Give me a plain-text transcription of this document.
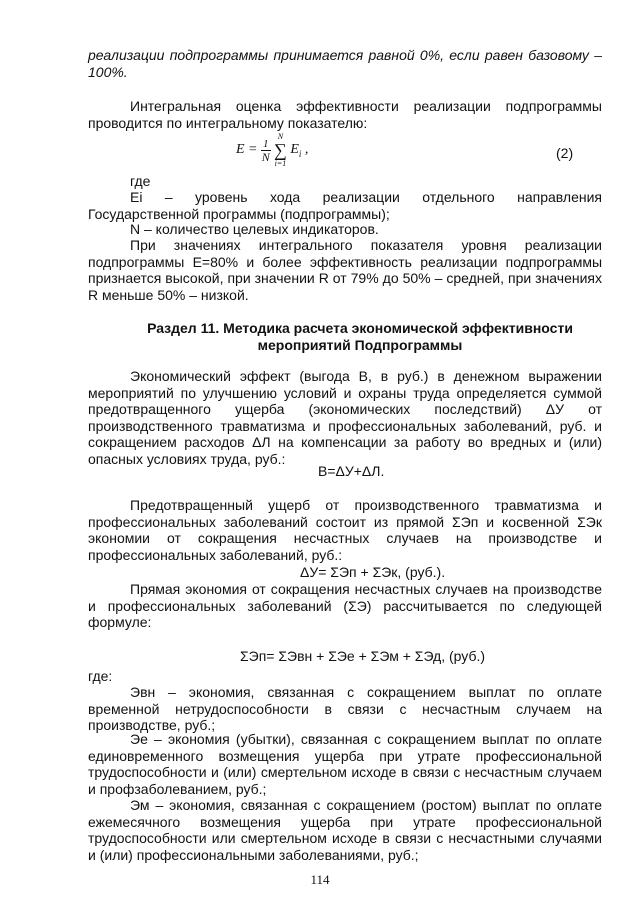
реализации подпрограммы принимается равной 0%, если равен базовому – 100%.
Интегральная оценка эффективности реализации подпрограммы проводится по интегральному показателю:
$E = \frac{1}{N}$

N
∑
i=1
$E_i$ ,	(2)
где
Ei – уровень хода реализации отдельного направления Государственной программы (подпрограммы);
N – количество целевых индикаторов.
При значениях интегрального показателя уровня реализации подпрограммы E=80% и более эффективность реализации подпрограммы признается высокой, при значении R от 79% до 50% – средней, при значениях R меньше 50% – низкой.
Раздел 11. Методика расчета экономической эффективности мероприятий Подпрограммы
Экономический эффект (выгода В, в руб.) в денежном выражении мероприятий по улучшению условий и охраны труда определяется суммой предотвращенного ущерба (экономических последствий) ΔУ от производственного травматизма и профессиональных заболеваний, руб. и сокращением расходов ΔЛ на компенсации за работу во вредных и (или) опасных условиях труда, руб.:
B=ΔУ+ΔЛ.
Предотвращенный ущерб от производственного травматизма и профессиональных заболеваний состоит из прямой ΣЭп и косвенной ΣЭк экономии от сокращения несчастных случаев на производстве и профессиональных заболеваний, руб.:
ΔУ= ΣЭп + ΣЭк, (руб.).
Прямая экономия от сокращения несчастных случаев на производстве и профессиональных заболеваний (ΣЭ) рассчитывается по следующей формуле:
ΣЭп= ΣЭвн + ΣЭе + ΣЭм + ΣЭд, (руб.)
где:
Эвн – экономия, связанная с сокращением выплат по оплате временной нетрудоспособности в связи с несчастным случаем на производстве, руб.;
Эе – экономия (убытки), связанная с сокращением выплат по оплате единовременного возмещения ущерба при утрате профессиональной трудоспособности и (или) смертельном исходе в связи с несчастным случаем и профзаболеванием, руб.;
Эм – экономия, связанная с сокращением (ростом) выплат по оплате ежемесячного возмещения ущерба при утрате профессиональной трудоспособности или смертельном исходе в связи с несчастными случаями и (или) профессиональными заболеваниями, руб.;
114
